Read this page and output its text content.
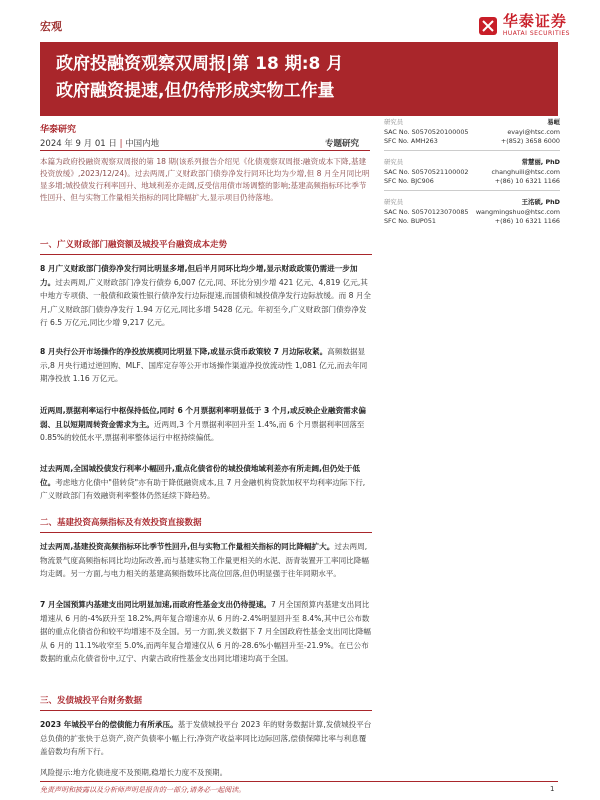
宏观	华泰证券
HUATAI SECURITIES
政府投融资观察双周报|第 18 期:8 月
政府融资提速,但仍待形成实物工作量
华泰研究
2024 年 9 月 01 日 | 中国内地	专题研究
本篇为政府投融资观察双周报的第 18 期(该系列报告介绍见《化债观察双周报:融资成本下降,基建投资放缓》,2023/12/24)。过去两周,广义财政部门债券净发行同环比均为少增,但 8 月全月同比明显多增;城投债发行利率回升、地域利差亦走阔,反受信用债市场调整的影响;基建高频指标环比季节性回升、但与实物工作量相关指标的同比降幅扩大,显示项目仍待落地。
一、广义财政部门融资额及城投平台融资成本走势
8 月广义财政部门债券净发行同比明显多增,但后半月同环比均少增,显示财政政策仍需进一步加力。过去两周,广义财政部门净发行债券 6,007 亿元,同、环比分别少增 421 亿元、4,819 亿元,其中地方专项债、一般债和政策性银行债净发行边际提速,而国债和城投债净发行边际放缓。而 8 月全月,广义财政部门债券净发行 1.94 万亿元,同比多增 5428 亿元。年初至今,广义财政部门债券净发行 6.5 万亿元,同比少增 9,217 亿元。
8 月央行公开市场操作的净投放规模同比明显下降,或显示货币政策较 7 月边际收紧。高频数据显示,8 月央行通过逆回购、MLF、国库定存等公开市场操作渠道净投放流动性 1,081 亿元,而去年同期净投放 1.16 万亿元。
近两周,票据利率运行中枢保持低位,同时 6 个月票据利率明显低于 3 个月,或反映企业融资需求偏弱、且以短期周转资金需求为主。近两周,3 个月票据利率回升至 1.4%,而 6 个月票据利率回落至 0.85%的较低水平,票据利率整体运行中枢持续偏低。
过去两周,全国城投债发行利率小幅回升,重点化债省份的城投债地域利差亦有所走阔,但仍处于低位。考虑地方化债中"借转贷"亦有助于降低融资成本,且 7 月金融机构贷款加权平均利率边际下行,广义财政部门有效融资利率整体仍然延续下降趋势。
二、基建投资高频指标及有效投资直接数据
过去两周,基建投资高频指标环比季节性回升,但与实物工作量相关指标的同比降幅扩大。过去两周,物流景气度高频指标同比均边际改善,而与基建实物工作量更相关的水泥、沥青装置开工率同比降幅均走阔。另一方面,与电力相关的基建高频指数环比高位回落,但仍明显强于往年同期水平。
7 月全国预算内基建支出同比明显加速,而政府性基金支出仍待提速。7 月全国预算内基建支出同比增速从 6 月的-4%跃升至 18.2%,两年复合增速亦从 6 月的-2.4%明显回升至 8.4%,其中已公布数据的重点化债省份和较平均增速不及全国。另一方面,狭义数据下 7 月全国政府性基金支出同比降幅从 6 月的 11.1%收窄至 5.0%,而两年复合增速仅从 6 月的-28.6%小幅回升至-21.9%。在已公布数据的重点化债省份中,辽宁、内蒙古政府性基金支出同比增速均高于全国。
三、发债城投平台财务数据
2023 年城投平台的偿债能力有所承压。基于发债城投平台 2023 年的财务数据计算,发债城投平台总负债的扩张快于总资产,资产负债率小幅上行;净资产收益率同比边际回落,偿债保障比率与利息覆盖倍数均有所下行。
风险提示:地方化债进度不及预期,稳增长力度不及预期。
研究员	易峘
SAC No. S0570520100005	evayi@htsc.com
SFC No. AMH263	+(852) 3658 6000
研究员	常慧丽, PhD
SAC No. S0570521100002	changhuili@htsc.com
SFC No. BJC906	+(86) 10 6321 1166
研究员	王洺硕, PhD
SAC No. S0570123070085 wangmingshuo@htsc.com
SFC No. BUP051	+(86) 10 6321 1166
免责声明和披露以及分析师声明是报告的一部分,请务必一起阅读。	1
